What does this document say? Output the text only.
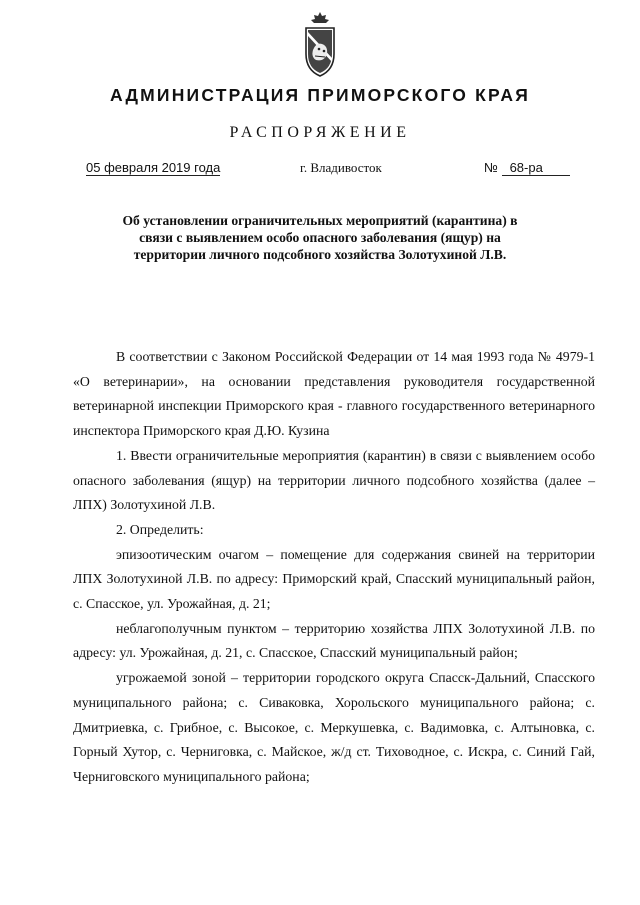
АДМИНИСТРАЦИЯ ПРИМОРСКОГО КРАЯ
РАСПОРЯЖЕНИЕ
05 февраля 2019 года	г. Владивосток	№ 68-ра
Об установлении ограничительных мероприятий (карантина) в связи с выявлением особо опасного заболевания (ящур) на территории личного подсобного хозяйства Золотухиной Л.В.

В соответствии с Законом Российской Федерации от 14 мая 1993 года № 4979-1 «О ветеринарии», на основании представления руководителя государственной ветеринарной инспекции Приморского края - главного государственного ветеринарного инспектора Приморского края Д.Ю. Кузина

1. Ввести ограничительные мероприятия (карантин) в связи с выявлением особо опасного заболевания (ящур) на территории личного подсобного хозяйства (далее – ЛПХ) Золотухиной Л.В.

2. Определить:

эпизоотическим очагом – помещение для содержания свиней на территории ЛПХ Золотухиной Л.В. по адресу: Приморский край, Спасский муниципальный район, с. Спасское, ул. Урожайная, д. 21;

неблагополучным пунктом – территорию хозяйства ЛПХ Золотухиной Л.В. по адресу: ул. Урожайная, д. 21, с. Спасское, Спасский муниципальный район;

угрожаемой зоной – территории городского округа Спасск-Дальний, Спасского муниципального района; с. Сиваковка, Хорольского муниципального района; с. Дмитриевка, с. Грибное, с. Высокое, с. Меркушевка, с. Вадимовка, с. Алтыновка, с. Горный Хутор, с. Черниговка, с. Майское, ж/д ст. Тиховодное, с. Искра, с. Синий Гай, Черниговского муниципального района;
